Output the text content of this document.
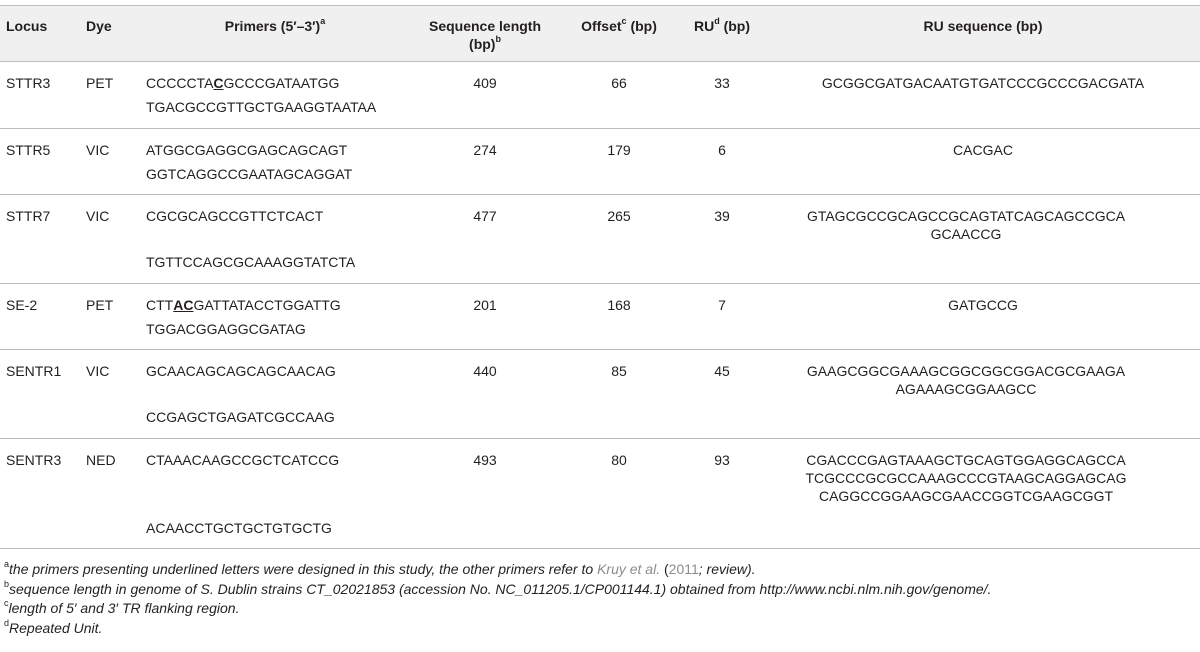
Locus	Dye	Primers $(5'-3')^a$	Sequence length
(bp)$^b$	Offset$^c$ (bp)	$RU^d$ (bp)	RU sequence (bp)
STTR3	PET	CCCCCTACGCCCGATAATGG
TGACGCCGTTGCTGAAGGTAATAA	409	66	33	GCGGCGATGACAATGTGATCCCGCCCGACGATA
STTR5	VIC	ATGGCGAGGCGAGCAGCAGT
GGTCAGGCCGAATAGCAGGAT	274	179	6	CACGAC
STTR7	VIC	CGCGCAGCCGTTCTCACT
TGTTCCAGCGCAAAGGTATCTA	477	265	39	GTAGCGCCGCAGCCGCAGTATCAGCAGCCGCA GCAACCG
SE-2	PET	CTTACGATTATACCTGGATTG
TGGACGGAGGCGATAG	201	168	7	GATGCCG
SENTR1	VIC	GCAACAGCAGCAGCAACAG
CCGAGCTGAGATCGCCAAG	440	85	45	GAAGCGGCGAAAGCGGCGGCGGACGCGAAGA AGAAAGCGGAAGCC
SENTR3	NED	CTAAACAAGCCGCTCATCCG
ACAACCTGCTGCTGTGCTG	493	80	93	CGACCCGAGTAAAGCTGCAGTGGAGGCAGCCA TCGCCCGCGCCAAAGCCCGTAAGCAGGAGCAG CAGGCCGGAAGCGAACCGGTCGAAGCGGT
$^a$the primers presenting underlined letters were designed in this study, the other primers refer to Kruy et al. (2011; review).
$^b$sequence length in genome of S. Dublin strains CT_02021853 (accession No. NC_011205.1/CP001144.1) obtained from http://www.ncbi.nlm.nih.gov/genome/.
$^c$length of 5′ and 3′ TR flanking region.
$^d$Repeated Unit.
